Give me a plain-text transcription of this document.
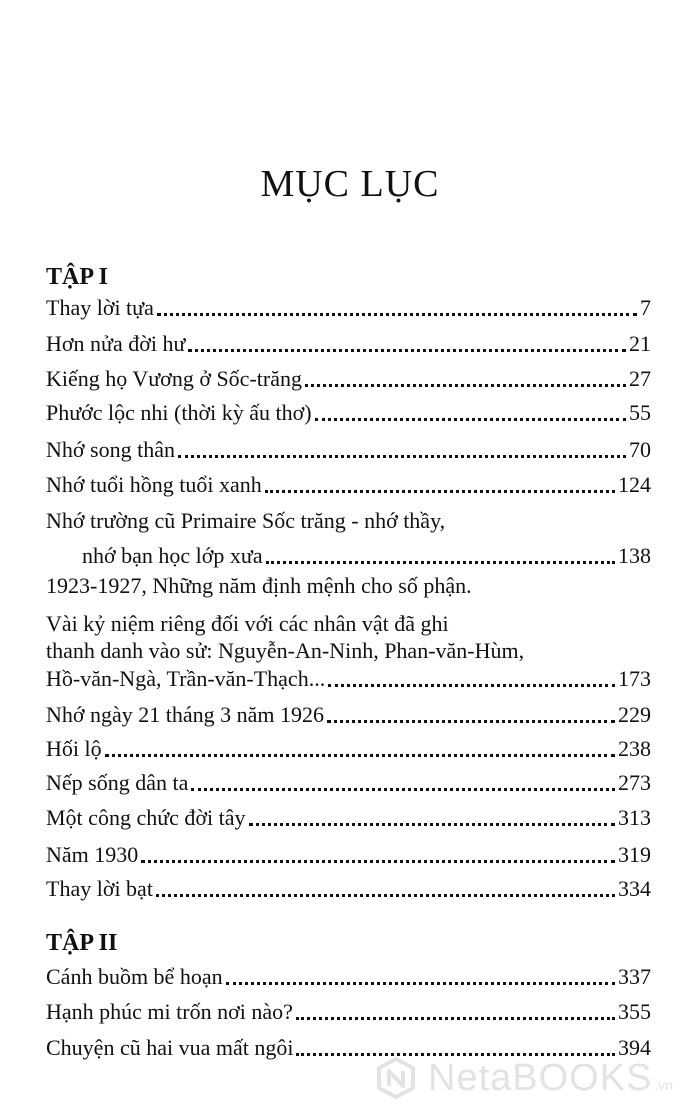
MỤC LỤC
TẬP I
Thay lời tựa	7
Hơn nửa đời hư	21
Kiếng họ Vương ở Sốc-trăng	27
Phước lộc nhi (thời kỳ ấu thơ)	55
Nhớ song thân	70
Nhớ tuổi hồng tuổi xanh	124
Nhớ trường cũ Primaire Sốc trăng - nhớ thầy,
nhớ bạn học lớp xưa	138
1923-1927, Những năm định mệnh cho số phận.
Vài kỷ niệm riêng đối với các nhân vật đã ghi
thanh danh vào sử: Nguyễn-An-Ninh, Phan-văn-Hùm,
Hồ-văn-Ngà, Trần-văn-Thạch...	173
Nhớ ngày 21 tháng 3 năm 1926	229
Hối lộ	238
Nếp sống dân ta	273
Một công chức đời tây	313
Năm 1930	319
Thay lời bạt	334
TẬP II
Cánh buồm bể hoạn	337
Hạnh phúc mi trốn nơi nào?	355
Chuyện cũ hai vua mất ngôi	394
NetaBOOKS .vn
